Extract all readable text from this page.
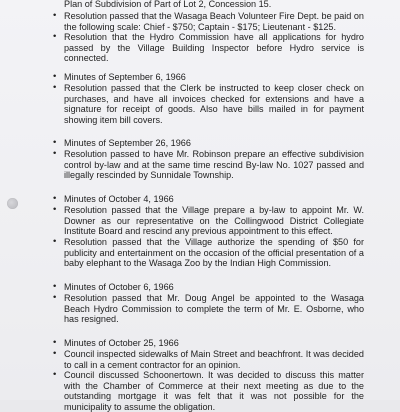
Plan of Subdivision of Part of Lot 2, Concession 15.
• Resolution passed that the Wasaga Beach Volunteer Fire Dept. be paid on the following scale: Chief - $750; Captain - $175; Lieutenant - $125.
• Resolution that the Hydro Commission have all applications for hydro passed by the Village Building Inspector before Hydro service is connected.
• Minutes of September 6, 1966
• Resolution passed that the Clerk be instructed to keep closer check on purchases, and have all invoices checked for extensions and have a signature for receipt of goods. Also have bills mailed in for payment showing item bill covers.
• Minutes of September 26, 1966
• Resolution passed to have Mr. Robinson prepare an effective subdivision control by-law and at the same time rescind By-law No. 1027 passed and illegally rescinded by Sunnidale Township.
• Minutes of October 4, 1966
• Resolution passed that the Village prepare a by-law to appoint Mr. W. Downer as our representative on the Collingwood District Collegiate Institute Board and rescind any previous appointment to this effect.
• Resolution passed that the Village authorize the spending of $50 for publicity and entertainment on the occasion of the official presentation of a baby elephant to the Wasaga Zoo by the Indian High Commission.
• Minutes of October 6, 1966
• Resolution passed that Mr. Doug Angel be appointed to the Wasaga Beach Hydro Commission to complete the term of Mr. E. Osborne, who has resigned.
• Minutes of October 25, 1966
• Council inspected sidewalks of Main Street and beachfront. It was decided to call in a cement contractor for an opinion.
• Council discussed Schoonertown. It was decided to discuss this matter with the Chamber of Commerce at their next meeting as due to the outstanding mortgage it was felt that it was not possible for the municipality to assume the obligation.
